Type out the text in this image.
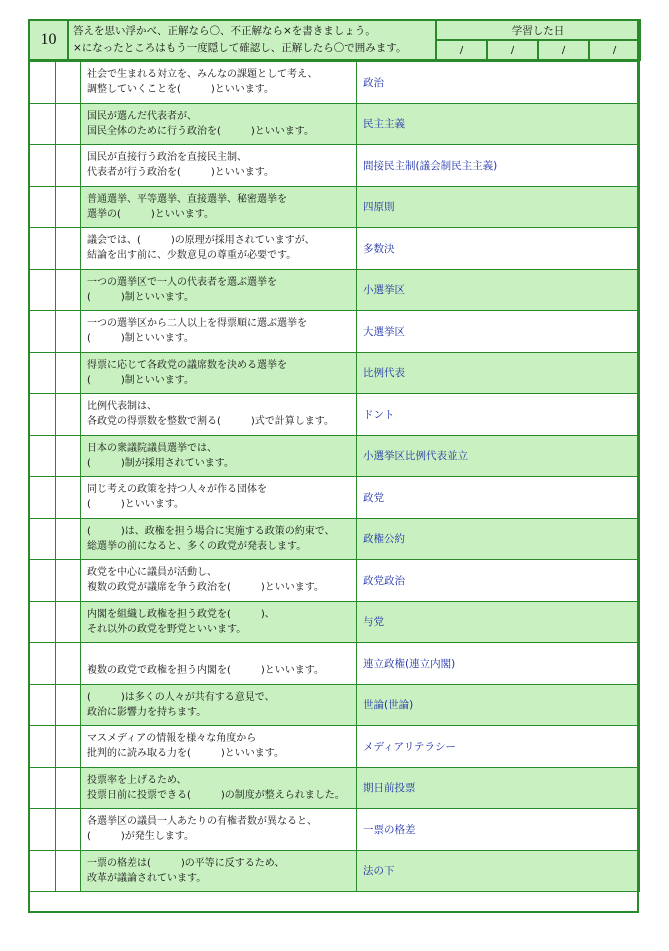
10	答えを思い浮かべ、正解なら〇、不正解なら×を書きましょう。
×になったところはもう一度隠して確認し、正解したら〇で囲みます。	学習した日			
		/	/	/	/

		社会で生まれる対立を、みんなの課題として考え、
調整していくことを(　　　)といいます。	政治

		国民が選んだ代表者が、
国民全体のために行う政治を(　　　)といいます。	民主主義

		国民が直接行う政治を直接民主制、
代表者が行う政治を(　　　)といいます。	間接民主制(議会制民主主義)

		普通選挙、平等選挙、直接選挙、秘密選挙を
選挙の(　　　)といいます。	四原則

		議会では、(　　　)の原理が採用されていますが、
結論を出す前に、少数意見の尊重が必要です。	多数決

		一つの選挙区で一人の代表者を選ぶ選挙を
(　　　)制といいます。	小選挙区

		一つの選挙区から二人以上を得票順に選ぶ選挙を
(　　　)制といいます。	大選挙区

		得票に応じて各政党の議席数を決める選挙を
(　　　)制といいます。	比例代表

		比例代表制は、
各政党の得票数を整数で割る(　　　)式で計算します。	ドント

		日本の衆議院議員選挙では、
(　　　)制が採用されています。	小選挙区比例代表並立

		同じ考えの政策を持つ人々が作る団体を
(　　　)といいます。	政党

		(　　　)は、政権を担う場合に実施する政策の約束で、
総選挙の前になると、多くの政党が発表します。	政権公約

		政党を中心に議員が活動し、
複数の政党が議席を争う政治を(　　　)といいます。	政党政治

		内閣を組織し政権を担う政党を(　　　)、
それ以外の政党を野党といいます。	与党

		複数の政党で政権を担う内閣を(　　　)といいます。	連立政権(連立内閣)

		(　　　)は多くの人々が共有する意見で、
政治に影響力を持ちます。	世論(世論)

		マスメディアの情報を様々な角度から
批判的に読み取る力を(　　　)といいます。	メディアリテラシー

		投票率を上げるため、
投票日前に投票できる(　　　)の制度が整えられました。	期日前投票

		各選挙区の議員一人あたりの有権者数が異なると、
(　　　)が発生します。	一票の格差

		一票の格差は(　　　)の平等に反するため、
改革が議論されています。	法の下
